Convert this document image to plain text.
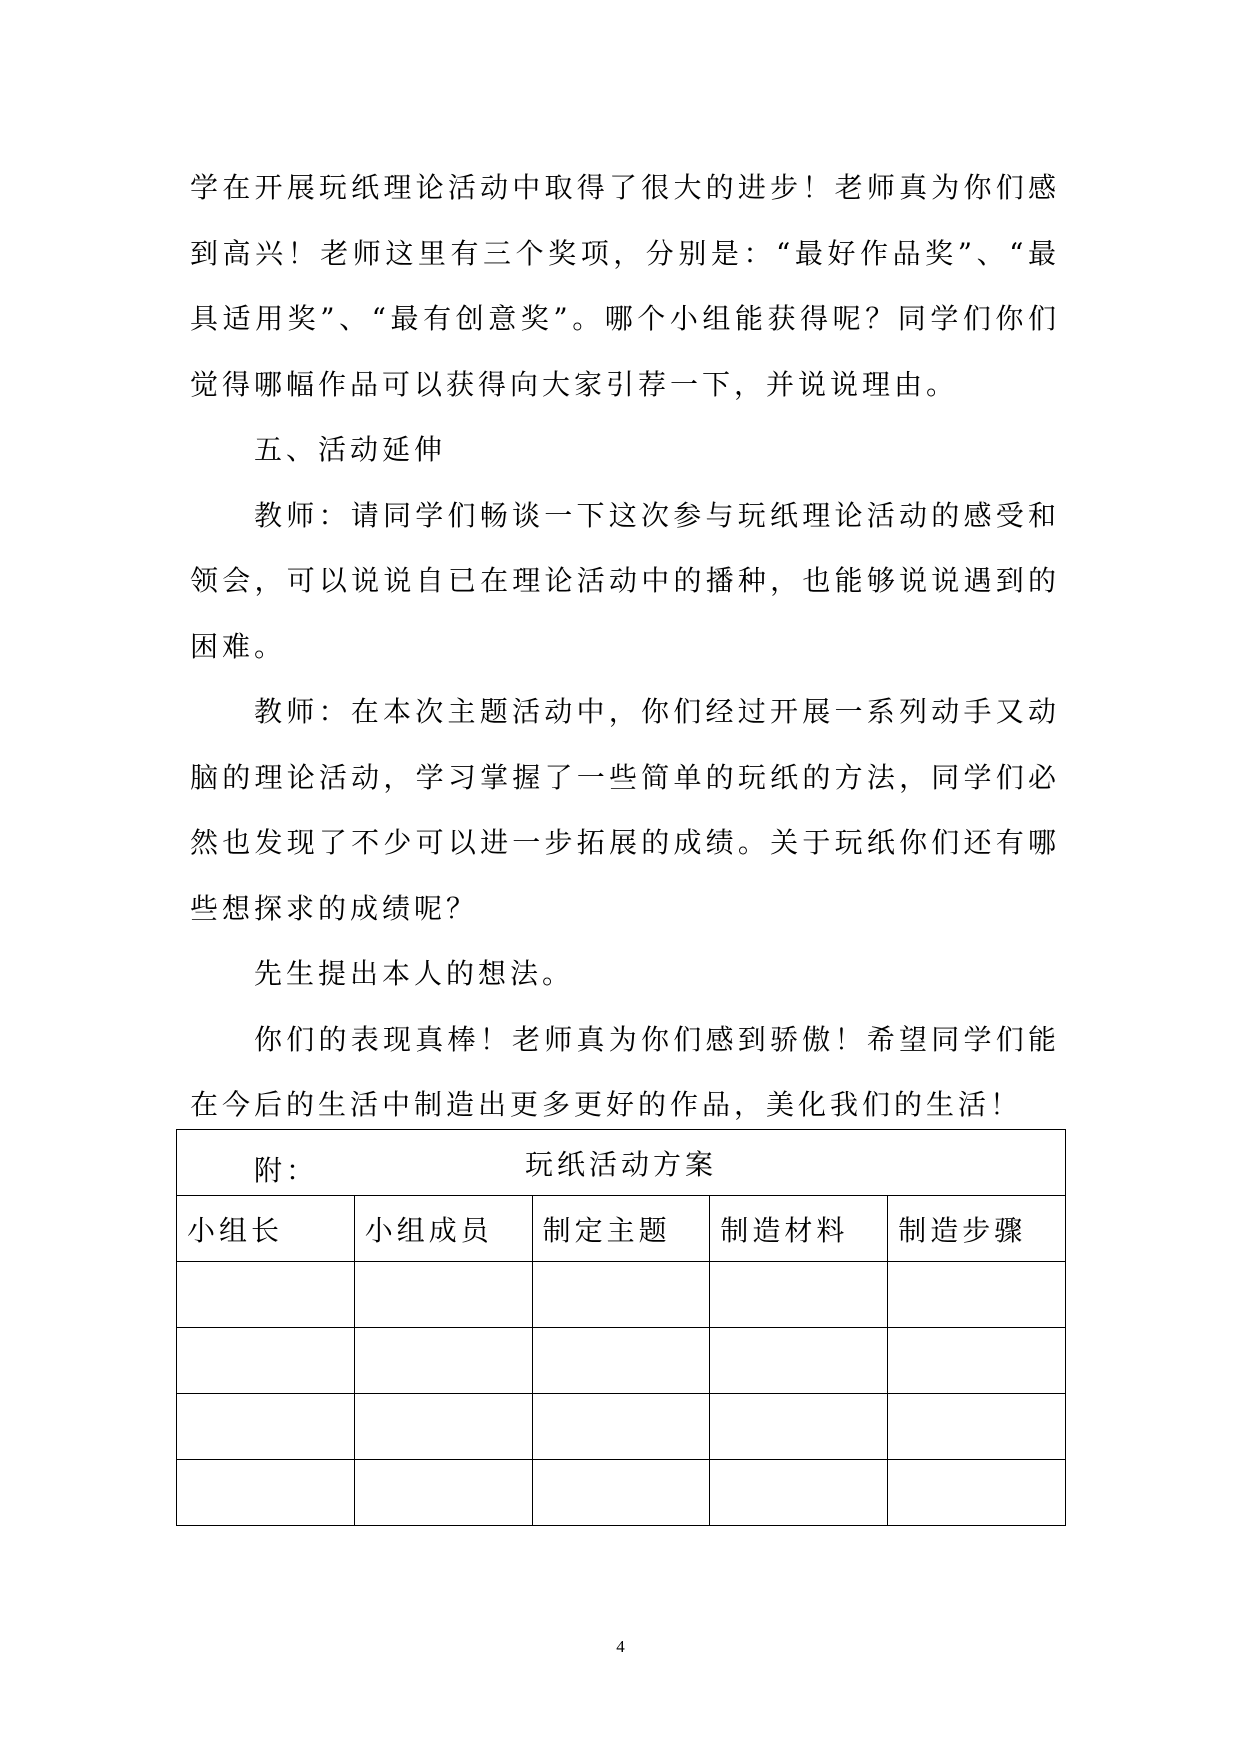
学在开展玩纸理论活动中取得了很大的进步！老师真为你们感到高兴！老师这里有三个奖项，分别是：“最好作品奖”、“最具适用奖”、“最有创意奖”。哪个小组能获得呢？同学们你们觉得哪幅作品可以获得向大家引荐一下，并说说理由。

五、活动延伸

教师：请同学们畅谈一下这次参与玩纸理论活动的感受和领会，可以说说自已在理论活动中的播种，也能够说说遇到的困难。

教师：在本次主题活动中，你们经过开展一系列动手又动脑的理论活动，学习掌握了一些简单的玩纸的方法，同学们必然也发现了不少可以进一步拓展的成绩。关于玩纸你们还有哪些想探求的成绩呢？

先生提出本人的想法。

你们的表现真棒！老师真为你们感到骄傲！希望同学们能在今后的生活中制造出更多更好的作品，美化我们的生活！

附：	玩纸活动方案				
小组长	小组成员	制定主题	制造材料	制造步骤

4
